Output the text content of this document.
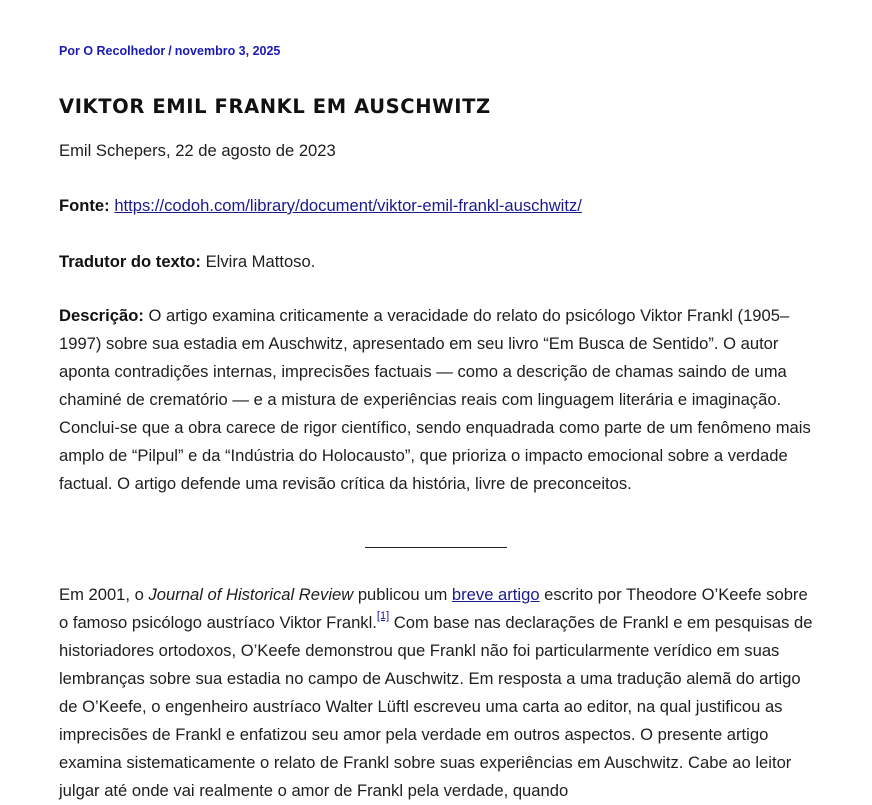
Por O Recolhedor / novembro 3, 2025
VIKTOR EMIL FRANKL EM AUSCHWITZ

Emil Schepers, 22 de agosto de 2023

Fonte: https://codoh.com/library/document/viktor-emil-frankl-auschwitz/

Tradutor do texto: Elvira Mattoso.

Descrição: O artigo examina criticamente a veracidade do relato do psicólogo Viktor Frankl (1905–1997) sobre sua estadia em Auschwitz, apresentado em seu livro “Em Busca de Sentido”. O autor aponta contradições internas, imprecisões factuais — como a descrição de chamas saindo de uma chaminé de crematório — e a mistura de experiências reais com linguagem literária e imaginação. Conclui-se que a obra carece de rigor científico, sendo enquadrada como parte de um fenômeno mais amplo de “Pilpul” e da “Indústria do Holocausto”, que prioriza o impacto emocional sobre a verdade factual. O artigo defende uma revisão crítica da história, livre de preconceitos.

Em 2001, o Journal of Historical Review publicou um breve artigo escrito por Theodore O’Keefe sobre o famoso psicólogo austríaco Viktor Frankl.[1] Com base nas declarações de Frankl e em pesquisas de historiadores ortodoxos, O’Keefe demonstrou que Frankl não foi particularmente verídico em suas lembranças sobre sua estadia no campo de Auschwitz. Em resposta a uma tradução alemã do artigo de O’Keefe, o engenheiro austríaco Walter Lüftl escreveu uma carta ao editor, na qual justificou as imprecisões de Frankl e enfatizou seu amor pela verdade em outros aspectos. O presente artigo examina sistematicamente o relato de Frankl sobre suas experiências em Auschwitz. Cabe ao leitor julgar até onde vai realmente o amor de Frankl pela verdade, quando
